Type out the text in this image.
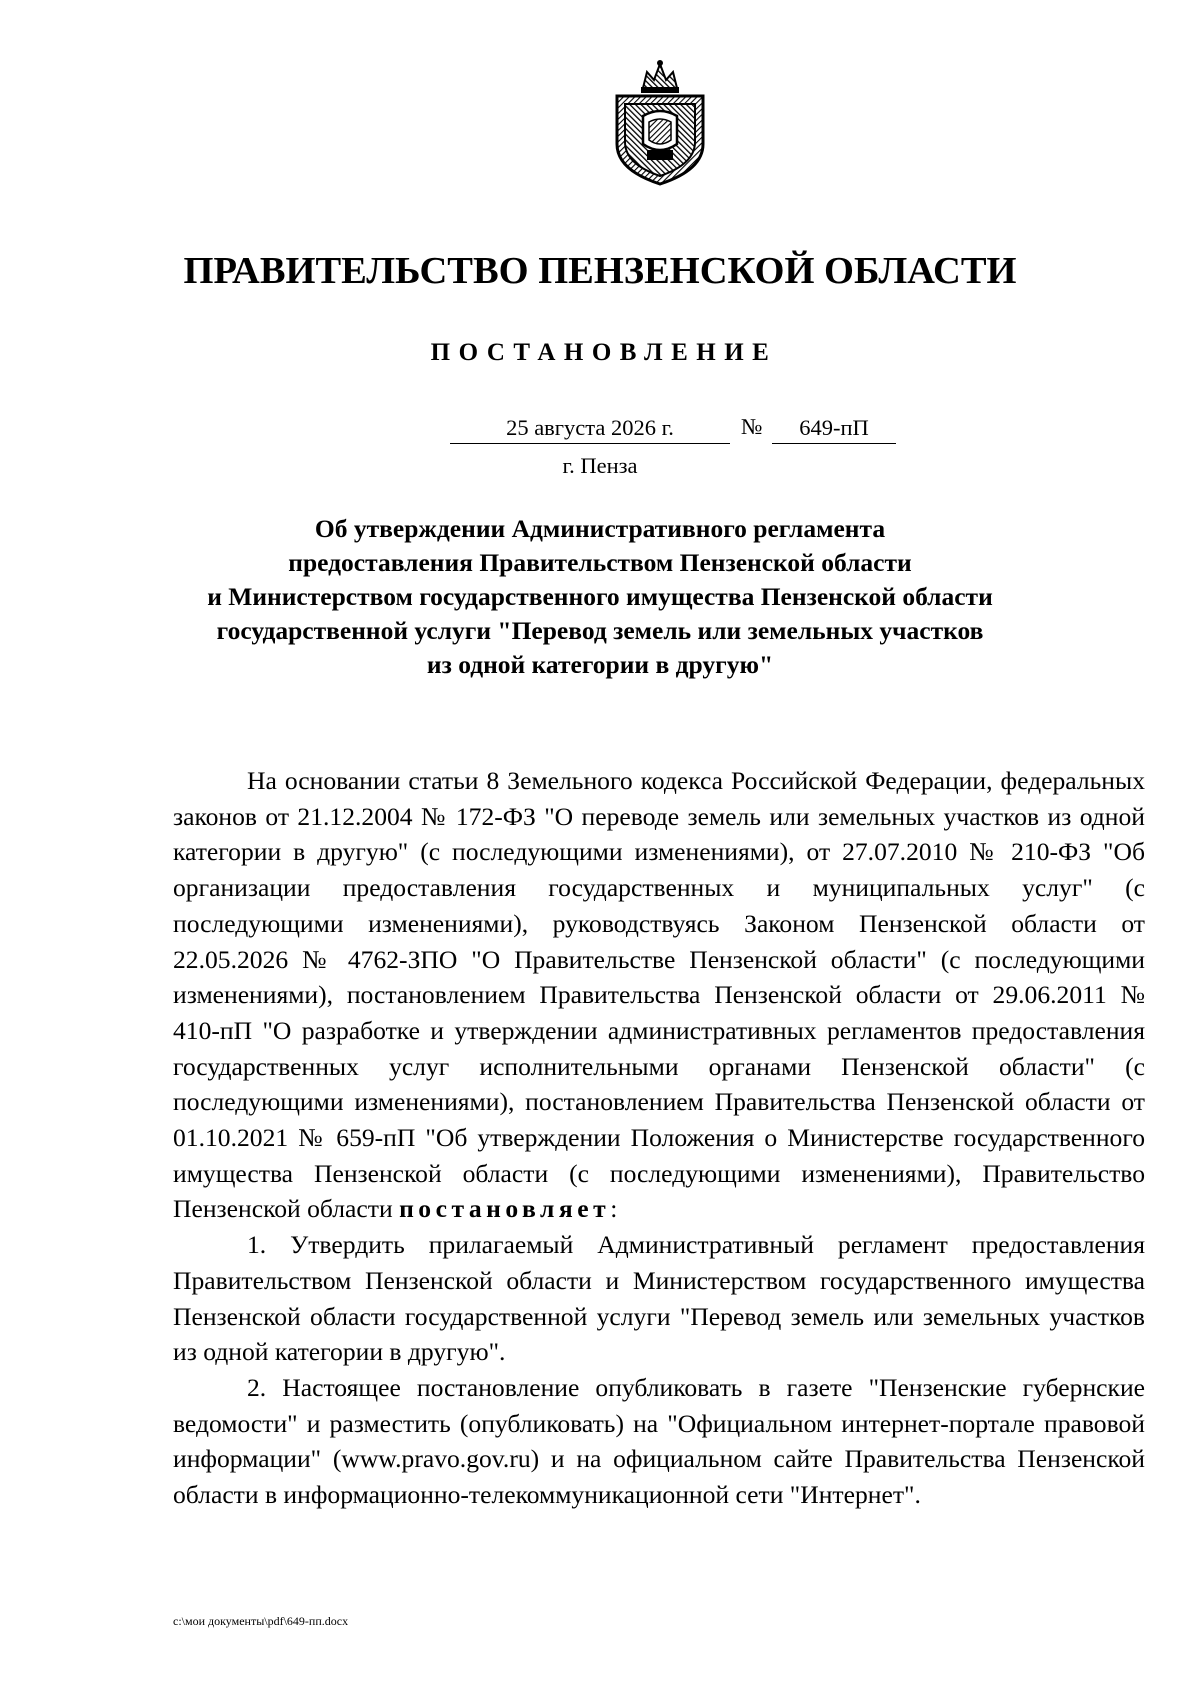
ПРАВИТЕЛЬСТВО ПЕНЗЕНСКОЙ ОБЛАСТИ
ПОСТАНОВЛЕНИЕ
25 августа 2026 г.	№	649-пП
г. Пенза
Об утверждении Административного регламента
предоставления Правительством Пензенской области
и Министерством государственного имущества Пензенской области
государственной услуги "Перевод земель или земельных участков
из одной категории в другую"

На основании статьи 8 Земельного кодекса Российской Федерации, федеральных законов от 21.12.2004 № 172-ФЗ "О переводе земель или земельных участков из одной категории в другую" (с последующими изменениями), от 27.07.2010 № 210-ФЗ "Об организации предоставления государственных и муниципальных услуг" (с последующими изменениями), руководствуясь Законом Пензенской области от 22.05.2026 № 4762-ЗПО "О Правительстве Пензенской области" (с последующими изменениями), постановлением Правительства Пензенской области от 29.06.2011 № 410-пП "О разработке и утверждении административных регламентов предоставления государственных услуг исполнительными органами Пензенской области" (с последующими изменениями), постановлением Правительства Пензенской области от 01.10.2021 № 659-пП "Об утверждении Положения о Министерстве государственного имущества Пензенской области (с последующими изменениями), Правительство Пензенской области постановляет:

1. Утвердить прилагаемый Административный регламент предоставления Правительством Пензенской области и Министерством государственного имущества Пензенской области государственной услуги "Перевод земель или земельных участков из одной категории в другую".

2. Настоящее постановление опубликовать в газете "Пензенские губернские ведомости" и разместить (опубликовать) на "Официальном интернет-портале правовой информации" (www.pravo.gov.ru) и на официальном сайте Правительства Пензенской области в информационно-телекоммуникационной сети "Интернет".

c:\мои документы\pdf\649-пп.docx
